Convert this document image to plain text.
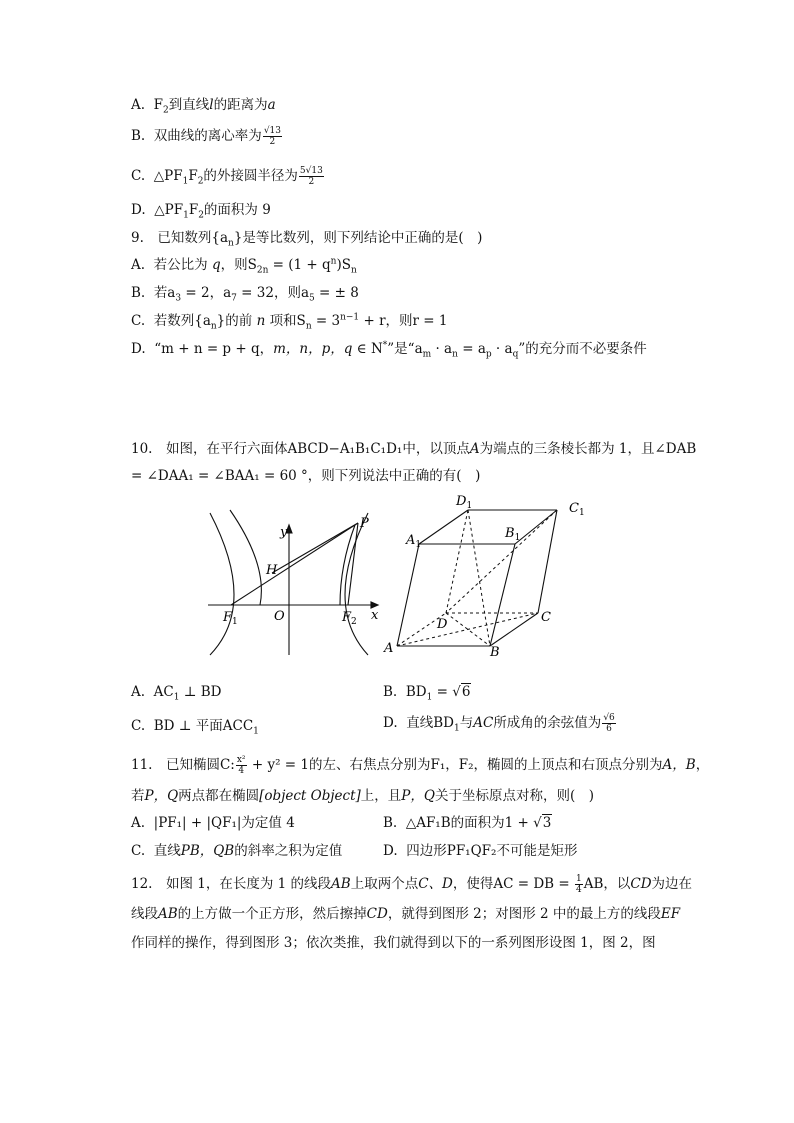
A. $F_2$到直线l的距离为a
B. 双曲线的离心率为 $\frac{√13}{2}$
C. $\triangle PF_1F_2$的外接圆半径为 $\frac{5√13}{2}$
D. $\triangle PF_1F_2$的面积为 9
9.　已知数列$\{a_n\}$是等比数列，则下列结论中正确的是(　)
A. 若公比为 q，则$S_{2n} = (1 + q^n)S_n$
B. 若$a_3 = 2$，$a_7 = 32$，则$a_5$ = ± 8
C. 若数列$\{a_n\}$的前 n 项和$S_n = 3^{n-1} + r$，则r = 1
D. “m + n = p + q，m，n，p，q ∈ N*”是“$a_m \cdot a_n = a_p \cdot a_q$”的充分而不必要条件
10.　如图，在平行六面体ABCD−A₁B₁C₁D₁中，以顶点A为端点的三条棱长都为 1，且∠DAB
= ∠DAA₁ = ∠BAA₁ = 60 °，则下列说法中正确的有(　)
y
P
H
x
O
$F_1$	$F_2$
$D_1$	$C_1$
$A_1$
$B_1$
D	C
A	B
A. $AC_1$ ⊥ BD	B. $BD_1 = √6$
C. BD ⊥ 平面$ACC_1$
D. 直线$BD_1$与AC所成角的余弦值为 $\frac{√6}{6}$
11.　已知椭圆C: $\frac{\text{x²}}{4} + y^2 = 1$的左、右焦点分别为F₁，F₂，椭圆的上顶点和右顶点分别为A，B，
若P，Q两点都在椭圆[object Object]上，且P，Q关于坐标原点对称，则(　)
A. |PF₁| + |QF₁|为定值 4	B. △AF₁B的面积为1 + √3
C. 直线PB，QB的斜率之积为定值	D. 四边形PF₁QF₂不可能是矩形
12.　如图 1，在长度为 1 的线段AB上取两个点C、D，使得AC = DB = $\frac{1}{4}$ AB，以CD为边在
线段AB的上方做一个正方形，然后擦掉CD，就得到图形 2；对图形 2 中的最上方的线段EF
作同样的操作，得到图形 3；依次类推，我们就得到以下的一系列图形设图 1，图 2，图
